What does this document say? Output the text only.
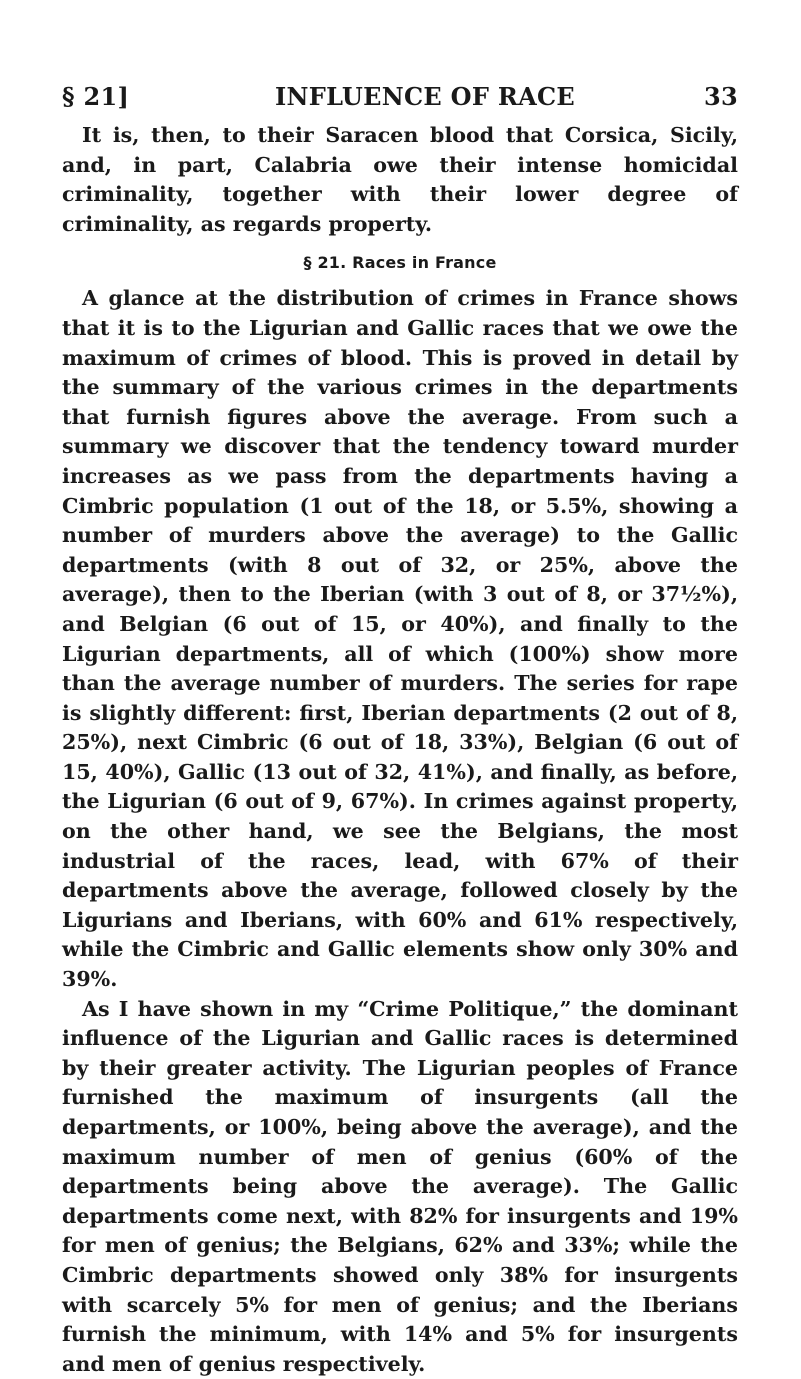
§ 21]	INFLUENCE OF RACE	33

It is, then, to their Saracen blood that Corsica, Sicily, and, in part, Calabria owe their intense homicidal criminality, together with their lower degree of criminality, as regards property.

§ 21. Races in France

A glance at the distribution of crimes in France shows that it is to the Ligurian and Gallic races that we owe the maximum of crimes of blood. This is proved in detail by the summary of the various crimes in the departments that furnish figures above the average. From such a summary we discover that the tendency toward murder increases as we pass from the departments having a Cimbric population (1 out of the 18, or 5.5%, showing a number of murders above the average) to the Gallic departments (with 8 out of 32, or 25%, above the average), then to the Iberian (with 3 out of 8, or 37½%), and Belgian (6 out of 15, or 40%), and finally to the Ligurian departments, all of which (100%) show more than the average number of murders. The series for rape is slightly different: first, Iberian departments (2 out of 8, 25%), next Cimbric (6 out of 18, 33%), Belgian (6 out of 15, 40%), Gallic (13 out of 32, 41%), and finally, as before, the Ligurian (6 out of 9, 67%). In crimes against property, on the other hand, we see the Belgians, the most industrial of the races, lead, with 67% of their departments above the average, followed closely by the Ligurians and Iberians, with 60% and 61% respectively, while the Cimbric and Gallic elements show only 30% and 39%.

As I have shown in my “Crime Politique,” the dominant influence of the Ligurian and Gallic races is determined by their greater activity. The Ligurian peoples of France furnished the maximum of insurgents (all the departments, or 100%, being above the average), and the maximum number of men of genius (60% of the departments being above the average). The Gallic departments come next, with 82% for insurgents and 19% for men of genius; the Belgians, 62% and 33%; while the Cimbric departments showed only 38% for insurgents with scarcely 5% for men of genius; and the Iberians furnish the minimum, with 14% and 5% for insurgents and men of genius respectively.
